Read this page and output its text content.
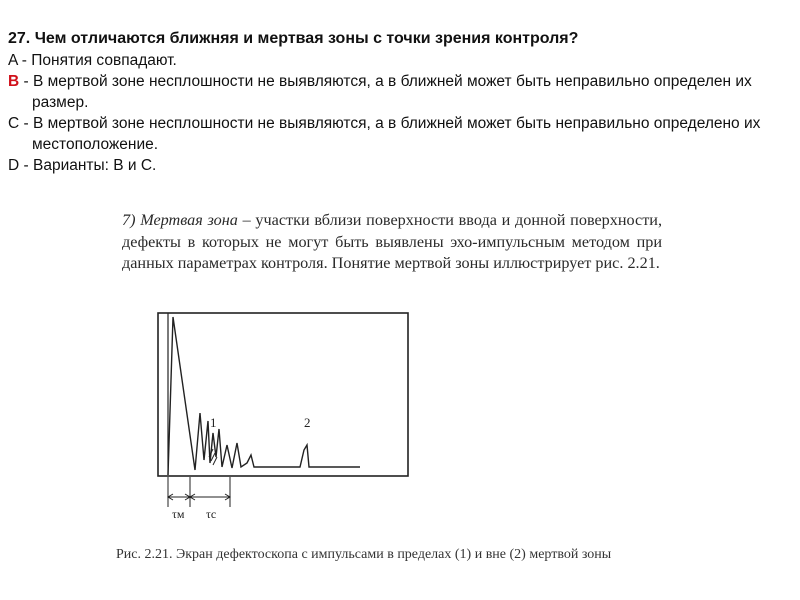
27. Чем отличаются ближняя и мертвая зоны с точки зрения контроля?

A - Понятия совпадают.

B - В мертвой зоне несплошности не выявляются, а в ближней может быть неправильно определен их размер.

C - В мертвой зоне несплошности не выявляются, а в ближней может быть неправильно определено их местоположение.

D - Варианты: B и C.

7) Мертвая зона – участки вблизи поверхности ввода и донной поверхности, дефекты в которых не могут быть выявлены эхо-импульсным методом при данных параметрах контроля. Понятие мертвой зоны иллюстрирует рис. 2.21.

1	2
τм τс

Рис. 2.21. Экран дефектоскопа с импульсами в пределах (1) и вне (2) мертвой зоны
